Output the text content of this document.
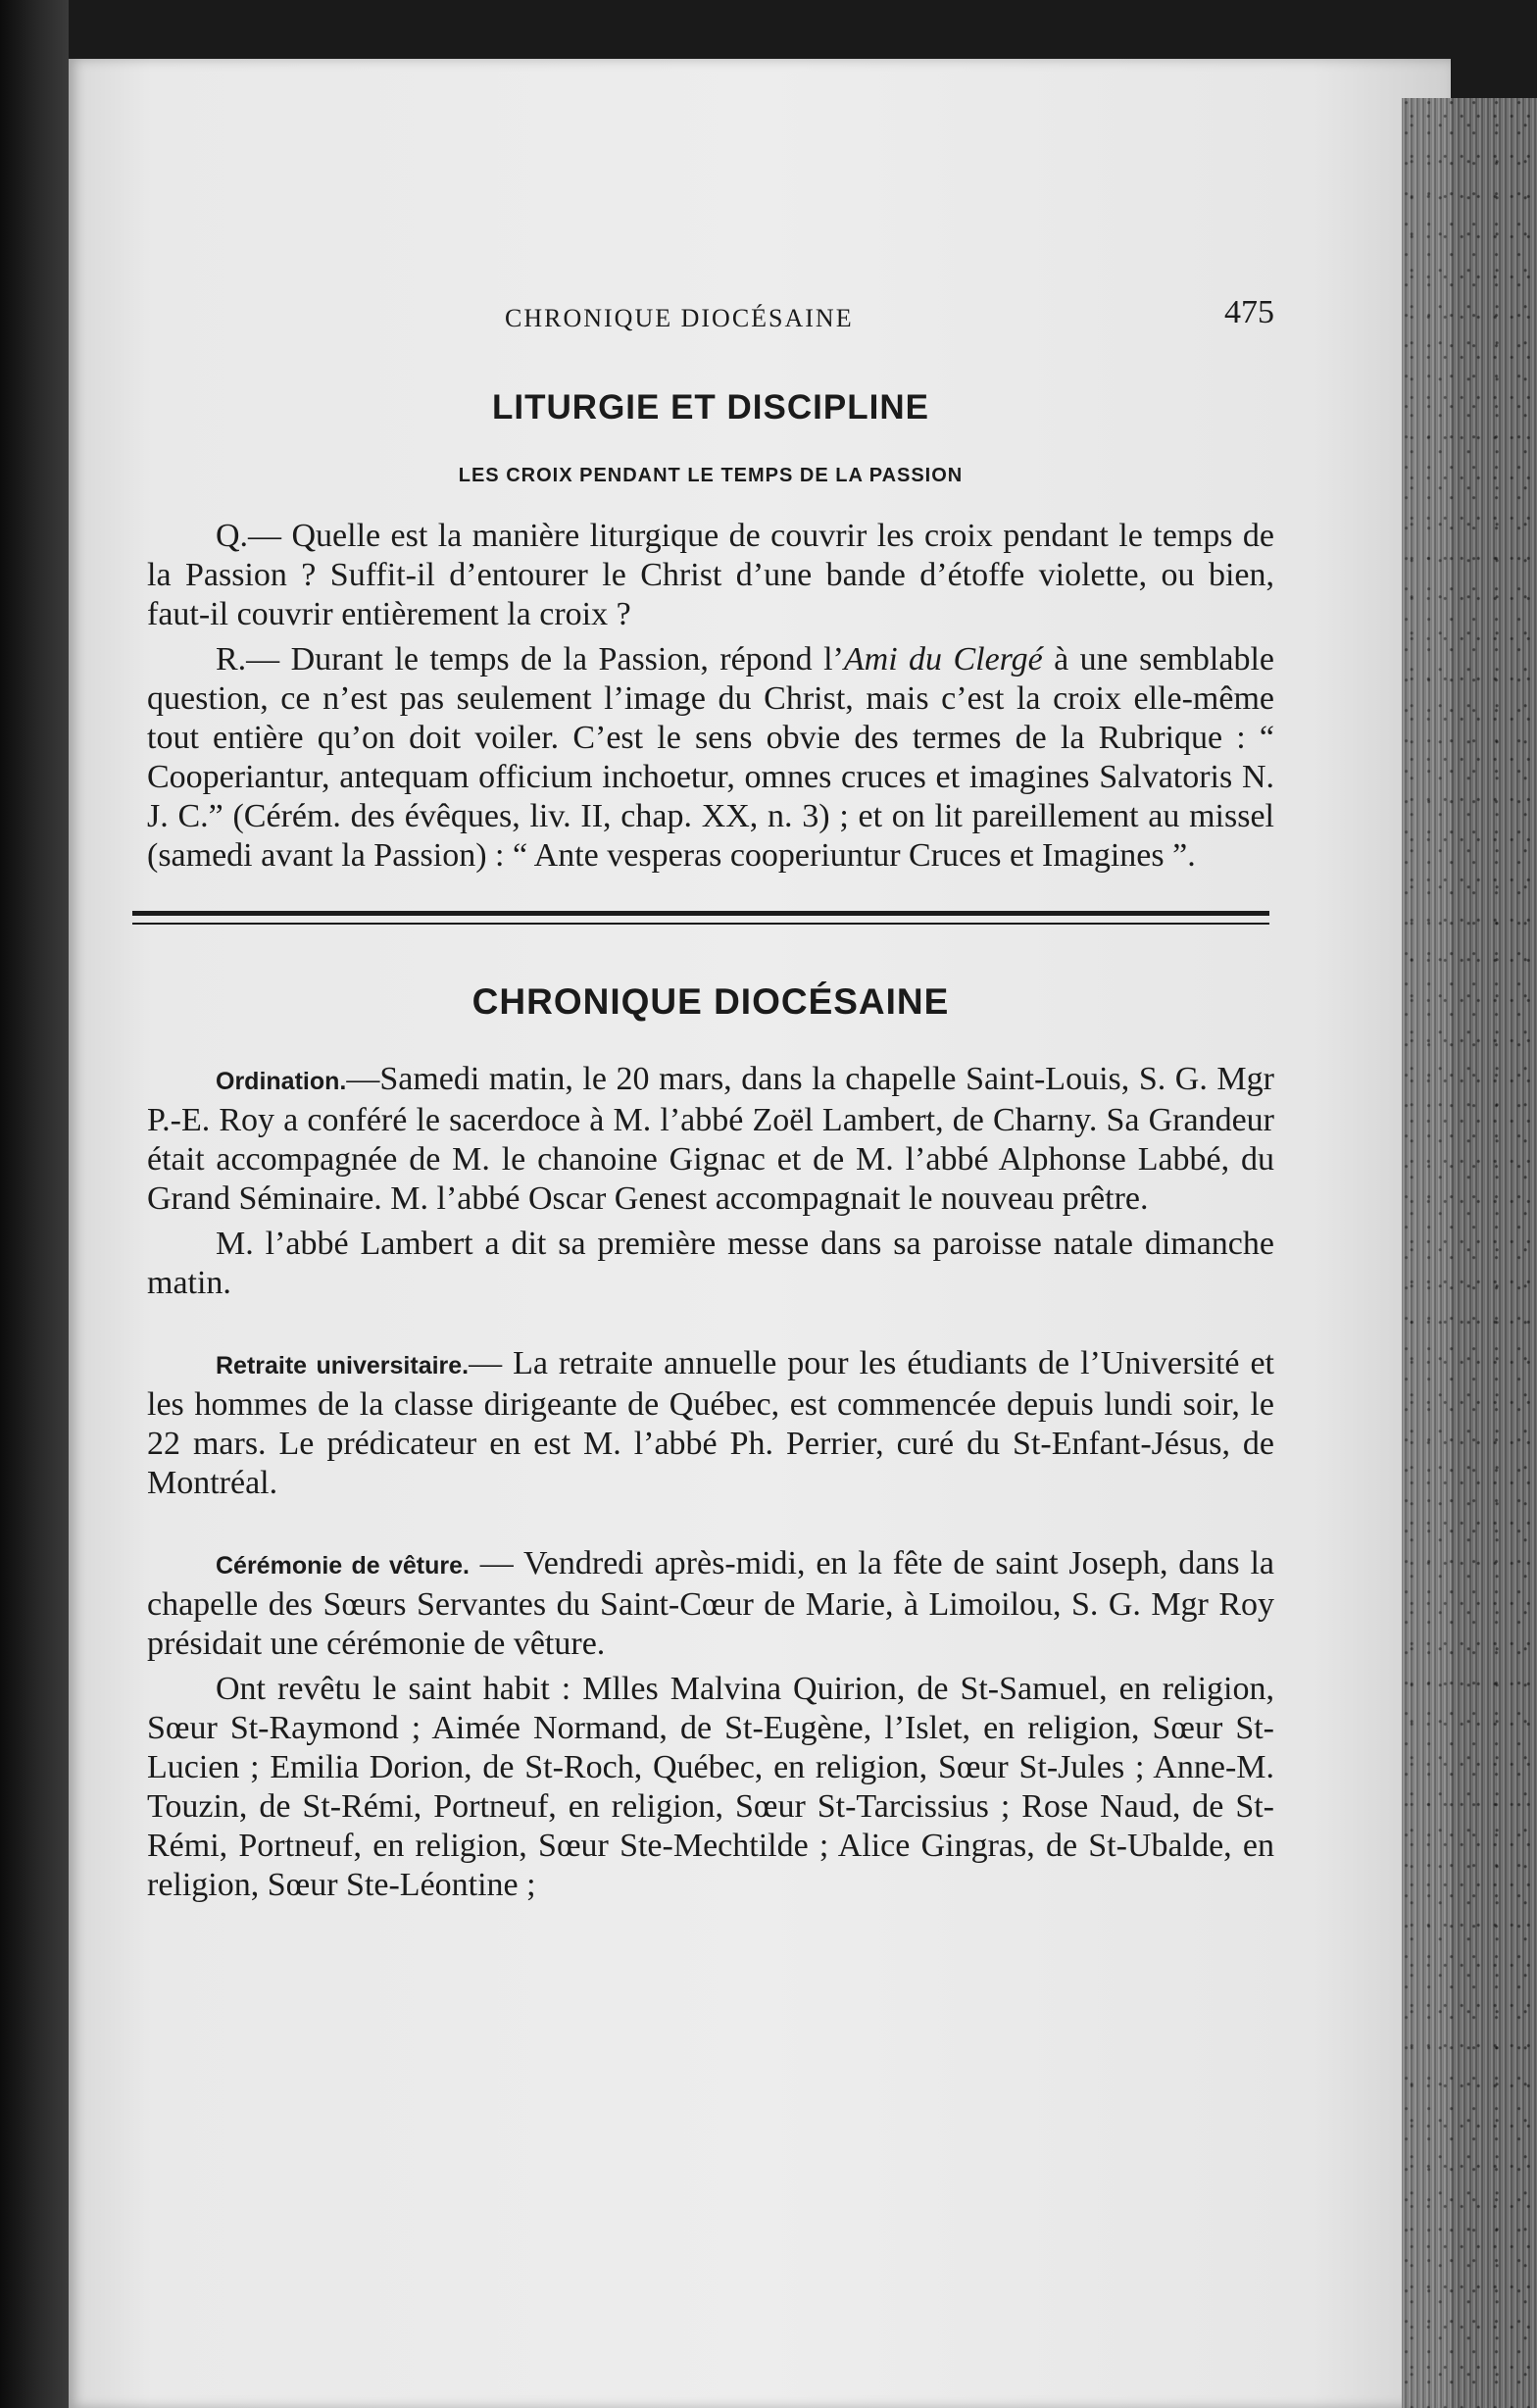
CHRONIQUE DIOCÉSAINE	475
LITURGIE ET DISCIPLINE
LES CROIX PENDANT LE TEMPS DE LA PASSION

Q.— Quelle est la manière liturgique de couvrir les croix pendant le temps de la Passion ? Suffit-il d’entourer le Christ d’une bande d’étoffe violette, ou bien, faut-il couvrir entièrement la croix ?

R.— Durant le temps de la Passion, répond l’Ami du Clergé à une semblable question, ce n’est pas seulement l’image du Christ, mais c’est la croix elle-même tout entière qu’on doit voiler. C’est le sens obvie des termes de la Rubrique : “ Cooperiantur, antequam officium inchoetur, omnes cruces et imagines Salvatoris N. J. C.” (Cérém. des évêques, liv. II, chap. XX, n. 3) ; et on lit pareillement au missel (samedi avant la Passion) : “ Ante vesperas cooperiuntur Cruces et Imagines ”.

CHRONIQUE DIOCÉSAINE

Ordination.—Samedi matin, le 20 mars, dans la chapelle Saint-Louis, S. G. Mgr P.-E. Roy a conféré le sacerdoce à M. l’abbé Zoël Lambert, de Charny. Sa Grandeur était accompagnée de M. le chanoine Gignac et de M. l’abbé Alphonse Labbé, du Grand Séminaire. M. l’abbé Oscar Genest accompagnait le nouveau prêtre.

M. l’abbé Lambert a dit sa première messe dans sa paroisse natale dimanche matin.

Retraite universitaire.— La retraite annuelle pour les étudiants de l’Université et les hommes de la classe dirigeante de Québec, est commencée depuis lundi soir, le 22 mars. Le prédicateur en est M. l’abbé Ph. Perrier, curé du St-Enfant-Jésus, de Montréal.

Cérémonie de vêture. — Vendredi après-midi, en la fête de saint Joseph, dans la chapelle des Sœurs Servantes du Saint-Cœur de Marie, à Limoilou, S. G. Mgr Roy présidait une cérémonie de vêture.

Ont revêtu le saint habit : Mlles Malvina Quirion, de St-Samuel, en religion, Sœur St-Raymond ; Aimée Normand, de St-Eugène, l’Islet, en religion, Sœur St-Lucien ; Emilia Dorion, de St-Roch, Québec, en religion, Sœur St-Jules ; Anne-M. Touzin, de St-Rémi, Portneuf, en religion, Sœur St-Tarcissius ; Rose Naud, de St-Rémi, Portneuf, en religion, Sœur Ste-Mechtilde ; Alice Gingras, de St-Ubalde, en religion, Sœur Ste-Léontine ;
